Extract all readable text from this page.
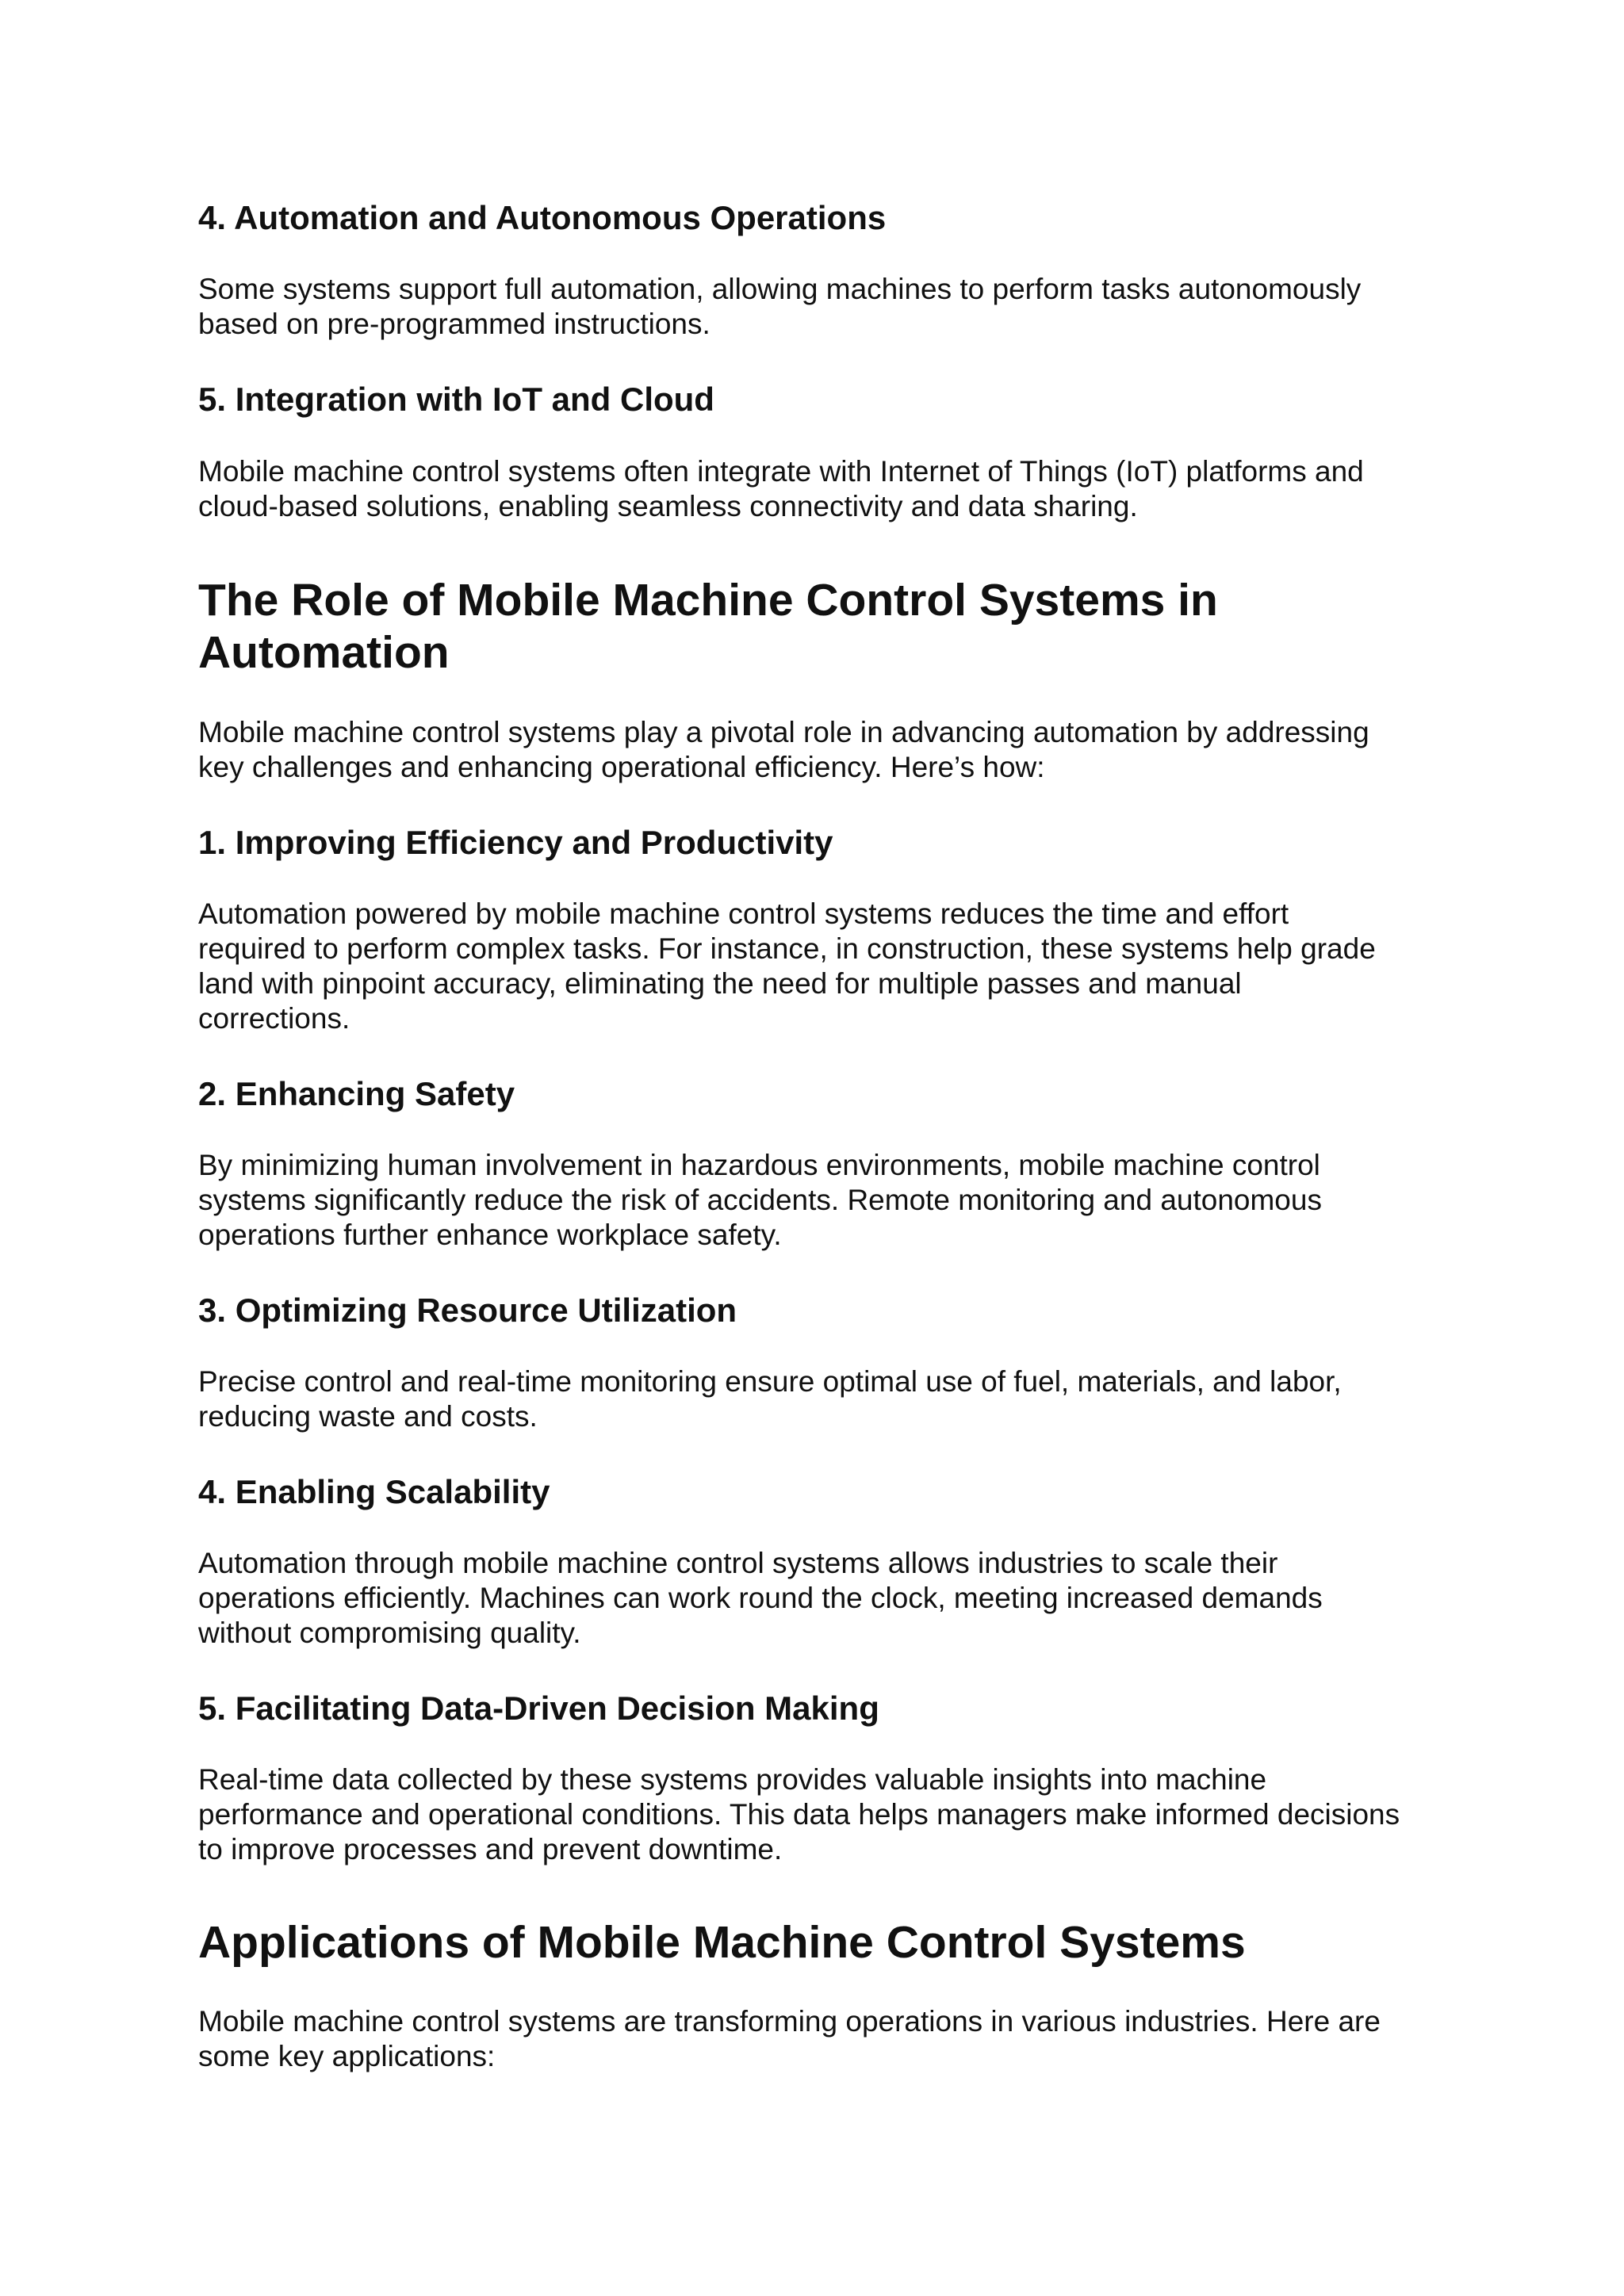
4. Automation and Autonomous Operations

Some systems support full automation, allowing machines to perform tasks autonomously
based on pre-programmed instructions.

5. Integration with IoT and Cloud

Mobile machine control systems often integrate with Internet of Things (IoT) platforms and
cloud-based solutions, enabling seamless connectivity and data sharing.

The Role of Mobile Machine Control Systems in
Automation

Mobile machine control systems play a pivotal role in advancing automation by addressing
key challenges and enhancing operational efficiency. Here’s how:

1. Improving Efficiency and Productivity

Automation powered by mobile machine control systems reduces the time and effort
required to perform complex tasks. For instance, in construction, these systems help grade
land with pinpoint accuracy, eliminating the need for multiple passes and manual
corrections.

2. Enhancing Safety

By minimizing human involvement in hazardous environments, mobile machine control
systems significantly reduce the risk of accidents. Remote monitoring and autonomous
operations further enhance workplace safety.

3. Optimizing Resource Utilization

Precise control and real-time monitoring ensure optimal use of fuel, materials, and labor,
reducing waste and costs.

4. Enabling Scalability

Automation through mobile machine control systems allows industries to scale their
operations efficiently. Machines can work round the clock, meeting increased demands
without compromising quality.

5. Facilitating Data-Driven Decision Making

Real-time data collected by these systems provides valuable insights into machine
performance and operational conditions. This data helps managers make informed decisions
to improve processes and prevent downtime.

Applications of Mobile Machine Control Systems

Mobile machine control systems are transforming operations in various industries. Here are
some key applications:
